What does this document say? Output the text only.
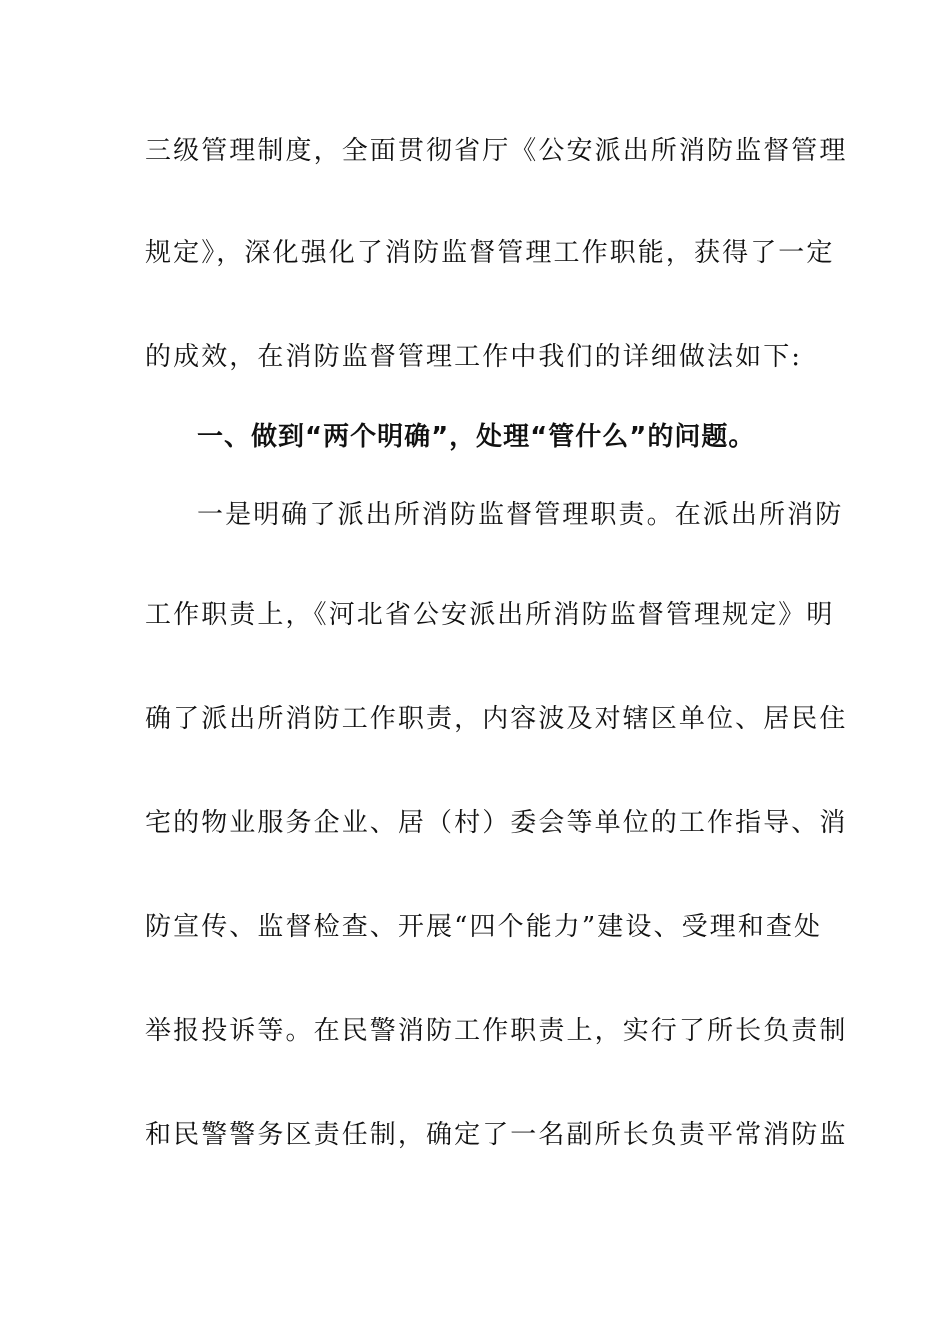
三级管理制度，全面贯彻省厅《公安派出所消防监督管理
规定》，深化强化了消防监督管理工作职能，获得了一定
的成效，在消防监督管理工作中我们的详细做法如下:
一、做到“两个明确”，处理“管什么”的问题。
一是明确了派出所消防监督管理职责。在派出所消防
工作职责上，《河北省公安派出所消防监督管理规定》明
确了派出所消防工作职责，内容波及对辖区单位、居民住
宅的物业服务企业、居（村）委会等单位的工作指导、消
防宣传、监督检查、开展“四个能力”建设、受理和查处
举报投诉等。在民警消防工作职责上，实行了所长负责制
和民警警务区责任制，确定了一名副所长负责平常消防监
